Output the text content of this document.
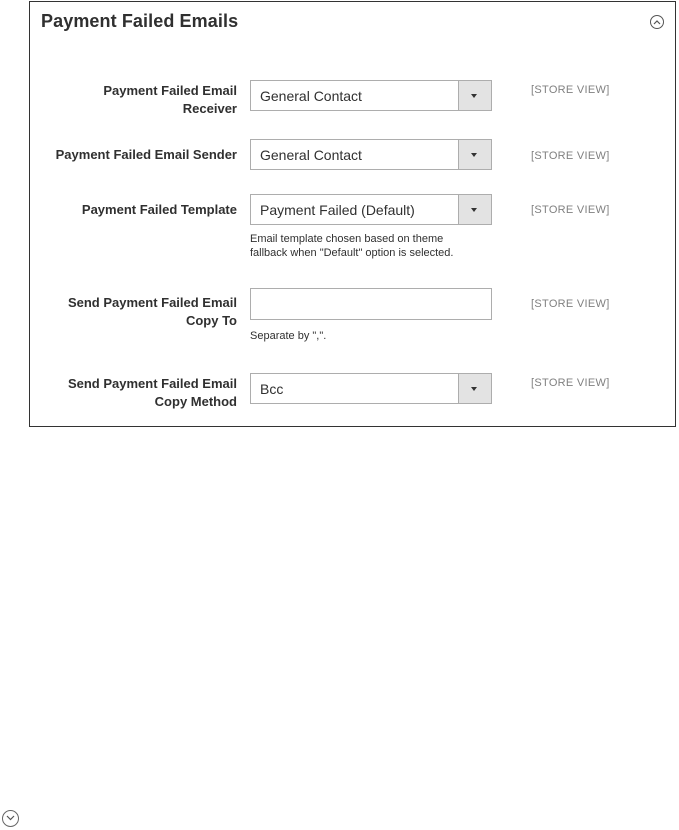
Payment Failed Emails
Payment Failed Email
Receiver
General Contact	[STORE VIEW]
Payment Failed Email Sender General Contact	[STORE VIEW]
Payment Failed Template Payment Failed (Default)
Email template chosen based on theme
fallback when "Default" option is selected.
[STORE VIEW]
Send Payment Failed Email
Copy To
Separate by ",".
[STORE VIEW]
Send Payment Failed Email
Copy Method
Bcc	[STORE VIEW]
